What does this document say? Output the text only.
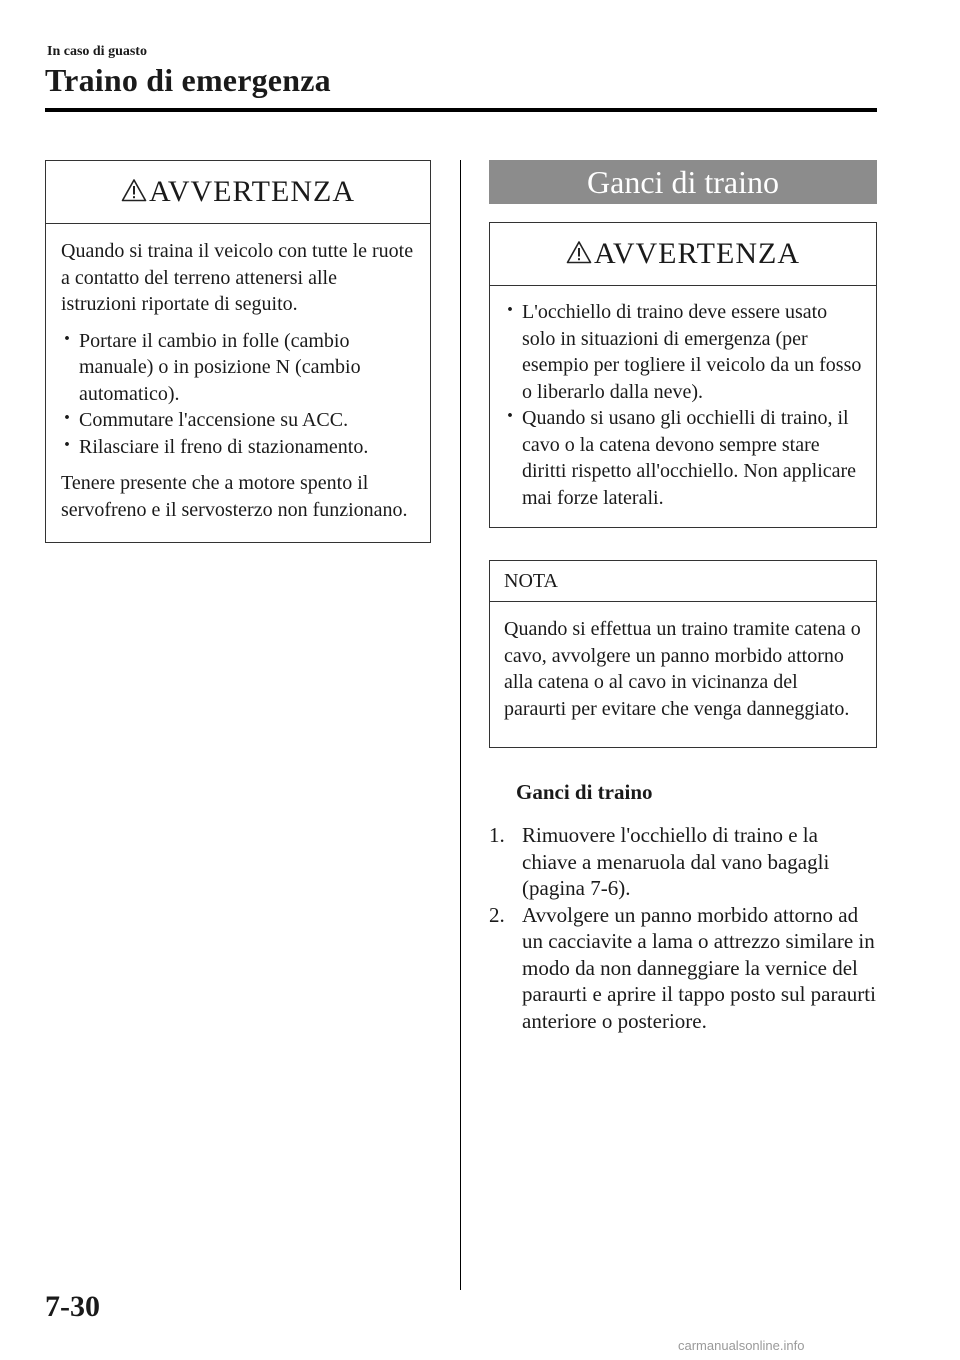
In caso di guasto
Traino di emergenza
AVVERTENZA

Quando si traina il veicolo con tutte le ruote a contatto del terreno attenersi alle istruzioni riportate di seguito.

· Portare il cambio in folle (cambio manuale) o in posizione N (cambio automatico).
· Commutare l'accensione su ACC.
· Rilasciare il freno di stazionamento.

Tenere presente che a motore spento il servofreno e il servosterzo non funzionano.

Ganci di traino
AVVERTENZA
· L'occhiello di traino deve essere usato solo in situazioni di emergenza (per esempio per togliere il veicolo da un fosso o liberarlo dalla neve).
· Quando si usano gli occhielli di traino, il cavo o la catena devono sempre stare diritti rispetto all'occhiello. Non applicare mai forze laterali.
NOTA

Quando si effettua un traino tramite catena o cavo, avvolgere un panno morbido attorno alla catena o al cavo in vicinanza del paraurti per evitare che venga danneggiato.

Ganci di traino
1. Rimuovere l'occhiello di traino e la chiave a menaruola dal vano bagagli (pagina 7-6).
2. Avvolgere un panno morbido attorno ad un cacciavite a lama o attrezzo similare in modo da non danneggiare la vernice del paraurti e aprire il tappo posto sul paraurti anteriore o posteriore.
7-30
carmanualsonline.info
